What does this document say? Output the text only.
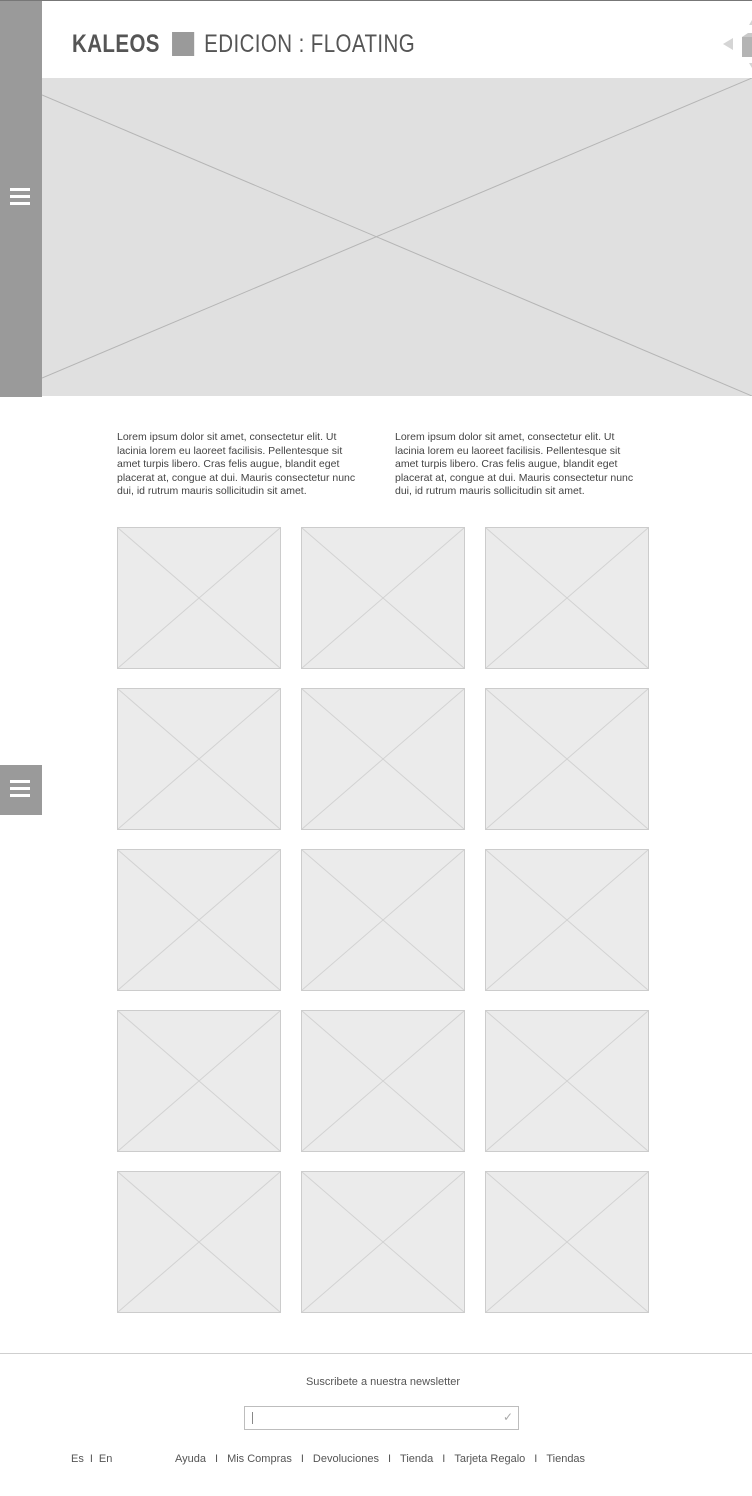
KALEOS EDICION : FLOATING

Lorem ipsum dolor sit amet, consectetur elit. Ut lacinia lorem eu laoreet facilisis. Pellentesque sit amet turpis libero. Cras felis augue, blandit eget placerat at, congue at dui. Mauris consectetur nunc dui, id rutrum mauris sollicitudin sit amet.

Lorem ipsum dolor sit amet, consectetur elit. Ut lacinia lorem eu laoreet facilisis. Pellentesque sit amet turpis libero. Cras felis augue, blandit eget placerat at, congue at dui. Mauris consectetur nunc dui, id rutrum mauris sollicitudin sit amet.

Suscribete a nuestra newsletter
✓
Es I En	Ayuda I Mis Compras I Devoluciones I Tienda I Tarjeta Regalo I Tiendas
